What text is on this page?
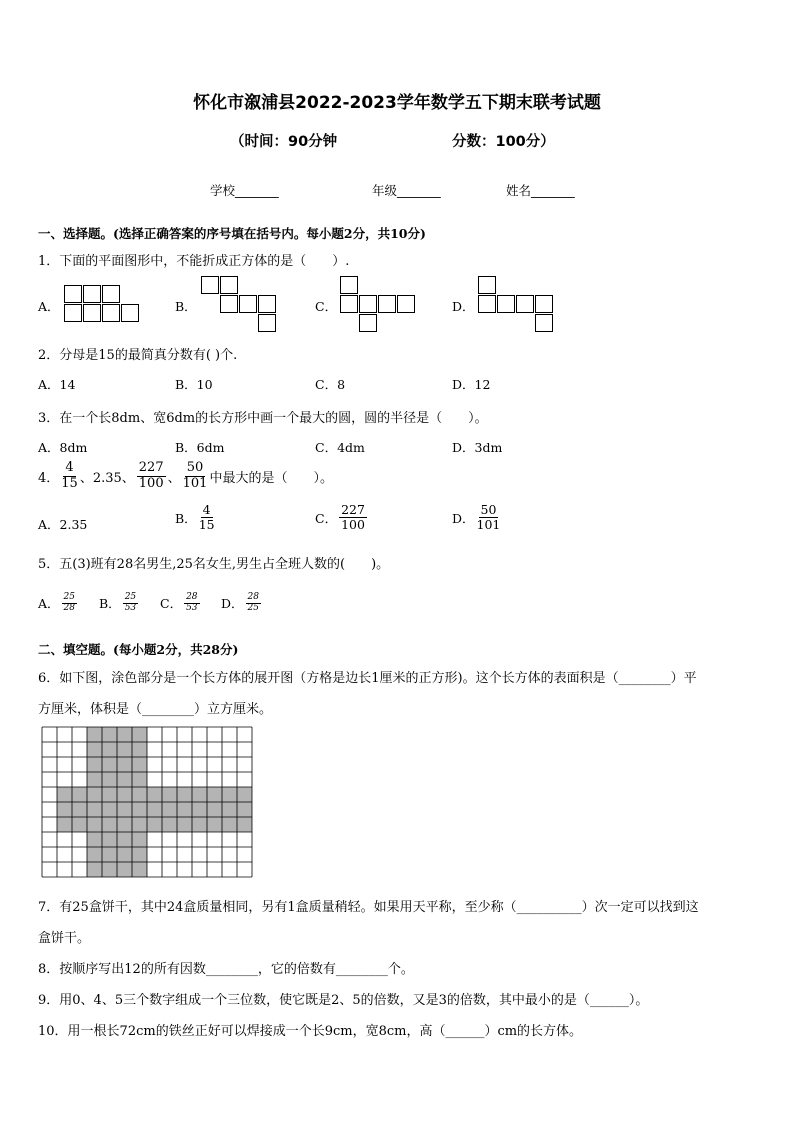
怀化市溆浦县2022-2023学年数学五下期末联考试题
（时间：90分钟	分数：100分）
学校_______	年级_______	姓名_______
一、选择题。(选择正确答案的序号填在括号内。每小题2分，共10分)
1．下面的平面图形中，不能折成正方体的是（　　）.
A．	B．	C．	D．
2．分母是15的最简真分数有( )个.
A．14	B．10	C．8	D．12
3．在一个长8dm、宽6dm的长方形中画一个最大的圆，圆的半径是（　　）。
A．8dm	B．6dm	C．4dm	D．3dm
4． $\frac{4}{15}$ 、2.35、 $\frac{227}{100}$ 、 $\frac{50}{101}$ 中最大的是（　　）。
A．2.35	B． $\frac{4}{15}$	C． $\frac{227}{100}$	D． $\frac{50}{101}$
5．五(3)班有28名男生,25名女生,男生占全班人数的(　　)。
A． $\frac{25}{28}$ B． $\frac{25}{53}$ C． $\frac{28}{53}$ D． $\frac{28}{25}$
二、填空题。(每小题2分，共28分)
6．如下图，涂色部分是一个长方体的展开图（方格是边长1厘米的正方形)。这个长方体的表面积是（________）平
方厘米，体积是（________）立方厘米。
7．有25盒饼干，其中24盒质量相同，另有1盒质量稍轻。如果用天平称，至少称（__________）次一定可以找到这
盒饼干。
8．按顺序写出12的所有因数________，它的倍数有________个。
9．用0、4、5三个数字组成一个三位数，使它既是2、5的倍数，又是3的倍数，其中最小的是（______）。
10．用一根长72cm的铁丝正好可以焊接成一个长9cm，宽8cm，高（______）cm的长方体。
